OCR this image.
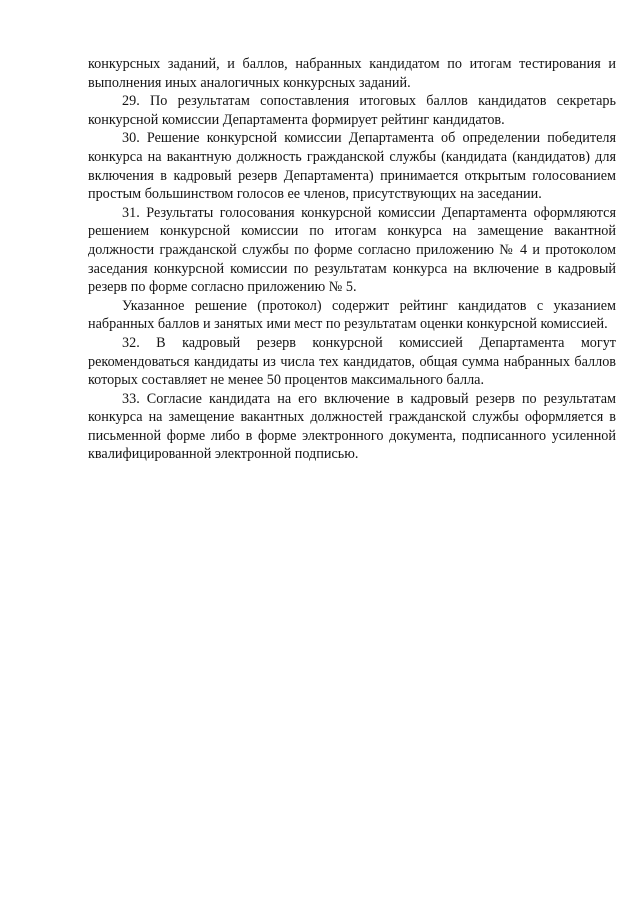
конкурсных заданий, и баллов, набранных кандидатом по итогам тестирования и выполнения иных аналогичных конкурсных заданий.

29. По результатам сопоставления итоговых баллов кандидатов секретарь конкурсной комиссии Департамента формирует рейтинг кандидатов.

30. Решение конкурсной комиссии Департамента об определении победителя конкурса на вакантную должность гражданской службы (кандидата (кандидатов) для включения в кадровый резерв Департамента) принимается открытым голосованием простым большинством голосов ее членов, присутствующих на заседании.

31. Результаты голосования конкурсной комиссии Департамента оформляются решением конкурсной комиссии по итогам конкурса на замещение вакантной должности гражданской службы по форме согласно приложению № 4 и протоколом заседания конкурсной комиссии по результатам конкурса на включение в кадровый резерв по форме согласно приложению № 5.

Указанное решение (протокол) содержит рейтинг кандидатов с указанием набранных баллов и занятых ими мест по результатам оценки конкурсной комиссией.

32. В кадровый резерв конкурсной комиссией Департамента могут рекомендоваться кандидаты из числа тех кандидатов, общая сумма набранных баллов которых составляет не менее 50 процентов максимального балла.

33. Согласие кандидата на его включение в кадровый резерв по результатам конкурса на замещение вакантных должностей гражданской службы оформляется в письменной форме либо в форме электронного документа, подписанного усиленной квалифицированной электронной подписью.
